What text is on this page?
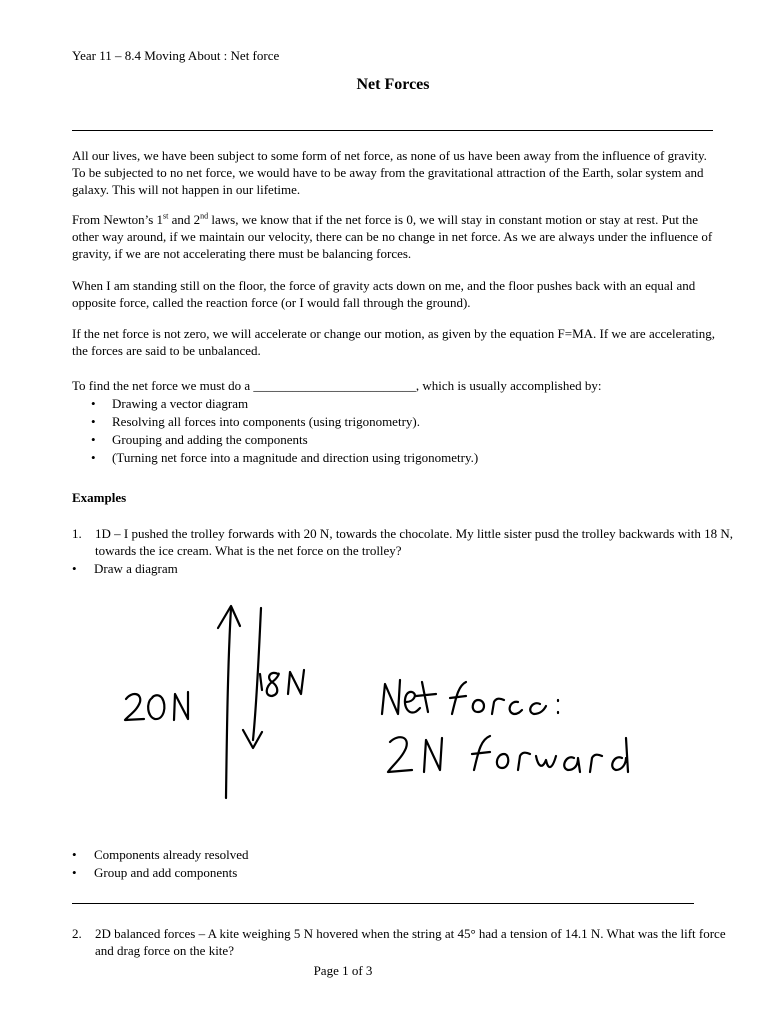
Year 11 – 8.4 Moving About : Net force
Net Forces
All our lives, we have been subject to some form of net force, as none of us have been away from the influence of gravity. To be subjected to no net force, we would have to be away from the gravitational attraction of the Earth, solar system and galaxy. This will not happen in our lifetime.
From Newton’s 1st and 2nd laws, we know that if the net force is 0, we will stay in constant motion or stay at rest. Put the other way around, if we maintain our velocity, there can be no change in net force. As we are always under the influence of gravity, if we are not accelerating there must be balancing forces.
When I am standing still on the floor, the force of gravity acts down on me, and the floor pushes back with an equal and opposite force, called the reaction force (or I would fall through the ground).
If the net force is not zero, we will accelerate or change our motion, as given by the equation F=MA. If we are accelerating, the forces are said to be unbalanced.
To find the net force we must do a _________________________, which is usually accomplished by:
• Drawing a vector diagram
• Resolving all forces into components (using trigonometry).
• Grouping and adding the components
• (Turning net force into a magnitude and direction using trigonometry.)
Examples
1. 1D – I pushed the trolley forwards with 20 N, towards the chocolate. My little sister pusd the trolley backwards with 18 N, towards the ice cream. What is the net force on the trolley?
• Draw a diagram
• Components already resolved
• Group and add components
2. 2D balanced forces – A kite weighing 5 N hovered when the string at 45° had a tension of 14.1 N. What was the lift force and drag force on the kite?
Page 1 of 3
